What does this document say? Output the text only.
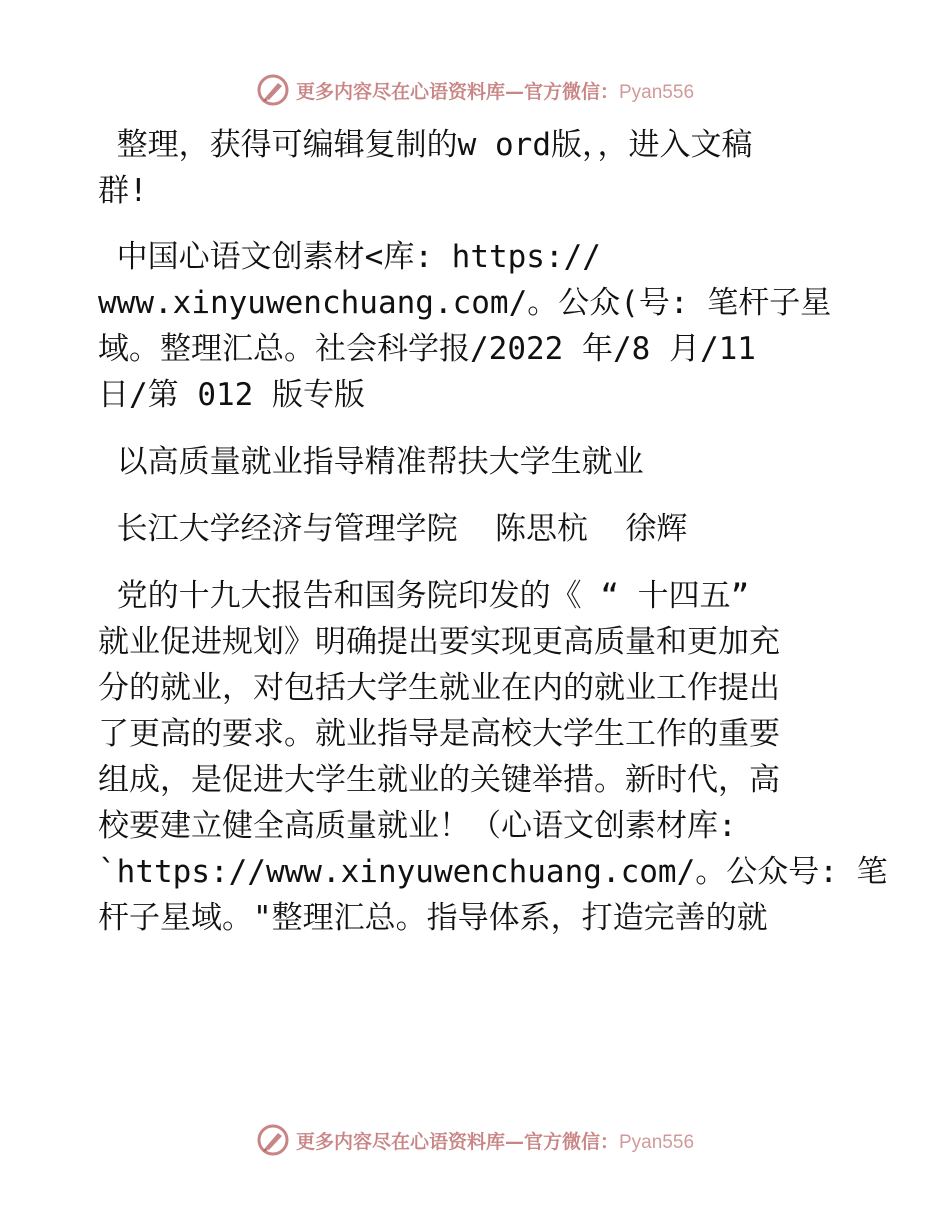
更多内容尽在心语资料库—官方微信：Pyan556
整理，获得可编辑复制的w ord版，，进入文稿
群!
中国心语文创素材<库: https://
www.xinyuwenchuang.com/。公众(号: 笔杆子星
域。整理汇总。社会科学报/2022 年/8 月/11
日/第 012 版专版
以高质量就业指导精准帮扶大学生就业
长江大学经济与管理学院  陈思杭  徐辉
党的十九大报告和国务院印发的《 “ 十四五”
就业促进规划》明确提出要实现更高质量和更加充
分的就业，对包括大学生就业在内的就业工作提出
了更高的要求。就业指导是高校大学生工作的重要
组成，是促进大学生就业的关键举措。新时代，高
校要建立健全高质量就业！（心语文创素材库:
`https://www.xinyuwenchuang.com/。公众号: 笔
杆子星域。"整理汇总。指导体系，打造完善的就
更多内容尽在心语资料库—官方微信：Pyan556
